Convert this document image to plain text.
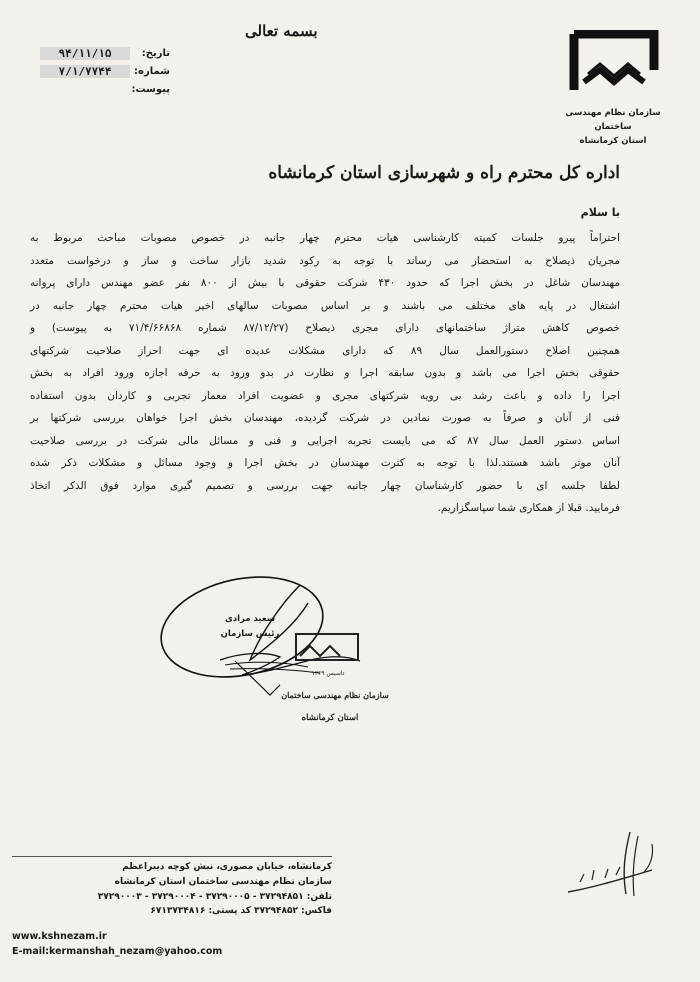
بسمه تعالی
تاریخ:
۹۴/۱۱/۱۵
شماره:
۷/۱/۷۷۴۴
پیوست:
سازمان نظام مهندسی ساختمان
استان کرمانشاه
اداره کل محترم راه و شهرسازی استان کرمانشاه
با سلام
احتراماً پیرو جلسات کمیته کارشناسی هیات محترم چهار جانبه در خصوص مصوبات مباحث مربوط به
مجریان ذیصلاح به استحضار می رساند با توجه به رکود شدید بازار ساخت و ساز و درخواست متعدد
مهندسان شاغل در بخش اجرا که حدود ۴۳۰ شرکت حقوقی با بیش از ۸۰۰ نفر عضو مهندس دارای پروانه
اشتغال در پایه های مختلف می باشند و بر اساس مصوبات سالهای اخیر هیات محترم چهار جانبه در
خصوص کاهش متراژ ساختمانهای دارای مجری ذیصلاح (۸۷/۱۲/۲۷ شماره ۷۱/۴/۶۶۸۶۸ به پیوست) و
همچنین اصلاح دستورالعمل سال ۸۹ که دارای مشکلات عدیده ای جهت احراز صلاحیت شرکتهای
حقوقی بخش اجرا می باشد و بدون سابقه اجرا و نظارت در بدو ورود به حرفه اجازه ورود افراد به بخش
اجرا را داده و باعث رشد بی رویه شرکتهای مجری و عضویت افراد معمار تجربی و کاردان بدون استفاده
فنی از آنان و صرفاً به صورت نمادین در شرکت گردیده، مهندسان بخش اجرا خواهان بررسی شرکتها بر
اساس دستور العمل سال ۸۷ که می بایست تجربه اجرایی و فنی و مسائل مالی شرکت در بررسی صلاحیت
آنان موثر باشد هستند.لذا با توجه به کثرت مهندسان در بخش اجرا و وجود مسائل و مشکلات ذکر شده
لطفا جلسه ای با حضور کارشناسان چهار جانبه جهت بررسی و تصمیم گیری موارد فوق الذکر اتخاذ
فرمایید. قبلا از همکاری شما سپاسگزاریم.
سعید مرادی
رئیس سازمان
تاسیس ۱۳۶۹
سازمان نظام مهندسی ساختمان
استان کرمانشاه
کرمانشاه، خیابان مصوری، نبش کوچه دیبراعظم
سازمان نظام مهندسی ساختمان استان کرمانشاه
تلفن: ۳۷۲۹۴۸۵۱ - ۳۷۲۹۰۰۰۵ - ۳۷۲۹۰۰۰۴ - ۳۷۲۹۰۰۰۳
فاکس: ۳۷۲۹۴۸۵۲ کد پستی: ۶۷۱۳۷۳۴۸۱۶
www.kshnezam.ir
E-mail:kermanshah_nezam@yahoo.com
